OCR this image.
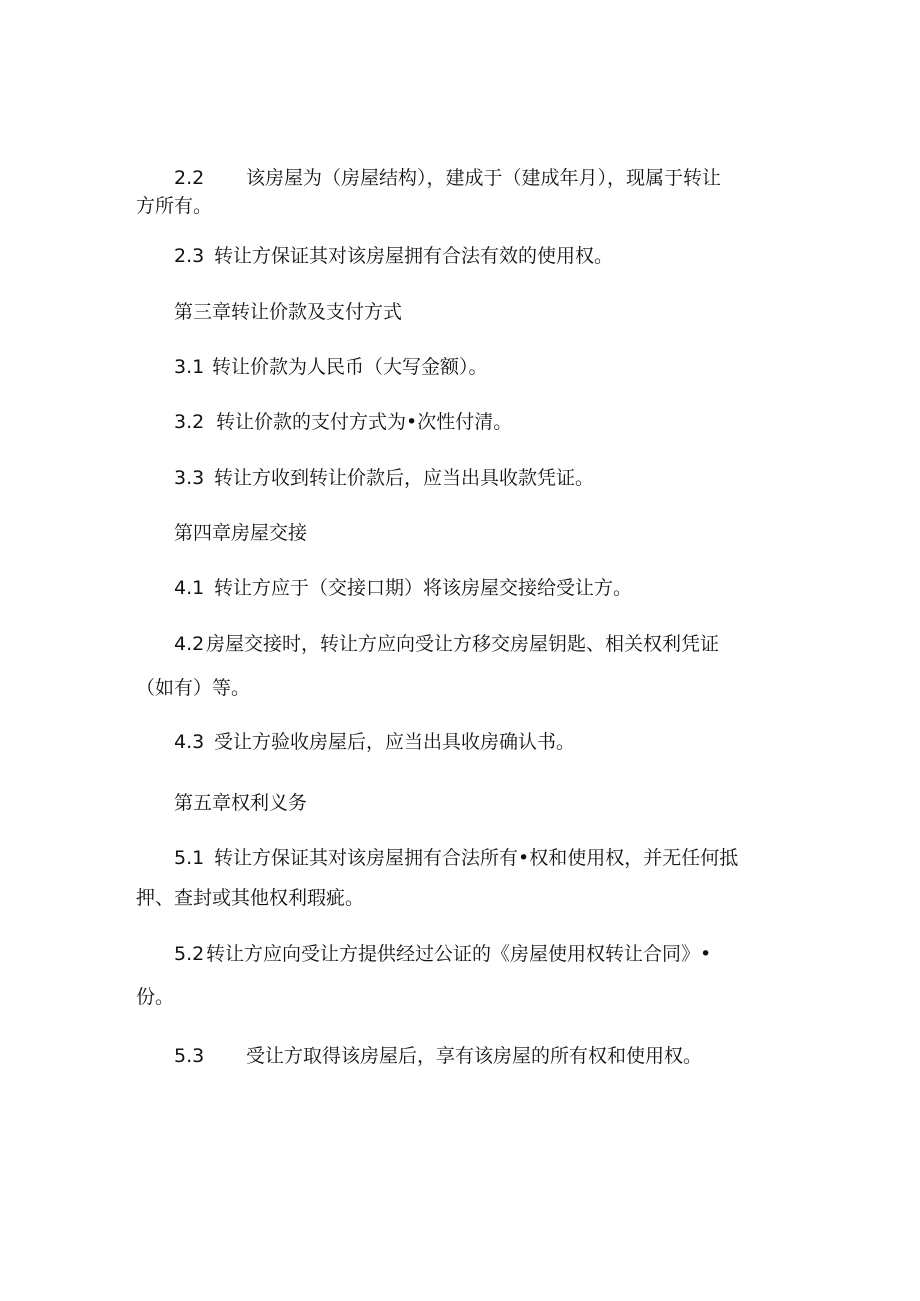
2.2 该房屋为（房屋结构），建成于（建成年月），现属于转让
方所有。
2.3 转让方保证其对该房屋拥有合法有效的使用权。
第三章转让价款及支付方式
3.1 转让价款为人民币（大写金额）。
3.2 转让价款的支付方式为•次性付清。
3.3 转让方收到转让价款后，应当出具收款凭证。
第四章房屋交接
4.1 转让方应于（交接口期）将该房屋交接给受让方。
4.2房屋交接时，转让方应向受让方移交房屋钥匙、相关权利凭证
（如有）等。
4.3 受让方验收房屋后，应当出具收房确认书。
第五章权利义务
5.1 转让方保证其对该房屋拥有合法所有•权和使用权，并无任何抵
押、查封或其他权利瑕疵。
5.2转让方应向受让方提供经过公证的《房屋使用权转让合同》•
份。
5.3 受让方取得该房屋后，享有该房屋的所有权和使用权。
